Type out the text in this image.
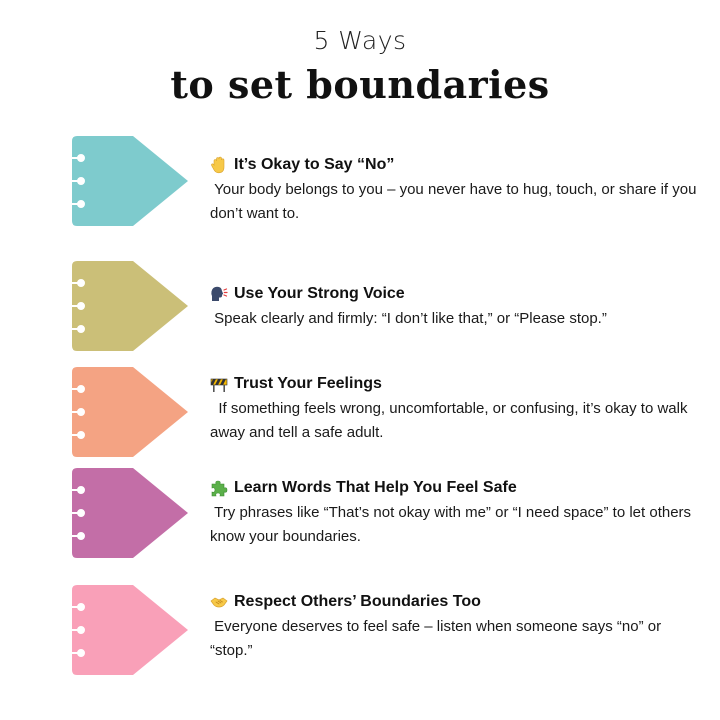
5 Ways
to set boundaries
It’s Okay to Say “No”
Your body belongs to you – you never have to hug, touch, or share if you don’t want to.
Use Your Strong Voice
Speak clearly and firmly: “I don’t like that,” or “Please stop.”
Trust Your Feelings
If something feels wrong, uncomfortable, or confusing, it’s okay to walk away and tell a safe adult.
Learn Words That Help You Feel Safe
Try phrases like “That’s not okay with me” or “I need space” to let others know your boundaries.
Respect Others’ Boundaries Too
Everyone deserves to feel safe – listen when someone says “no” or “stop.”
